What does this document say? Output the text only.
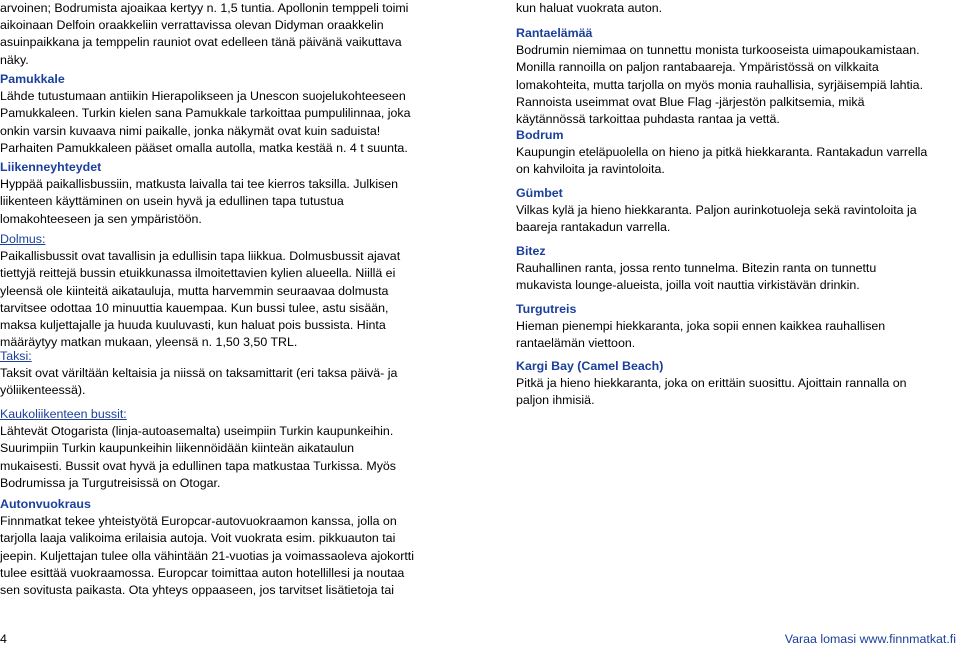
arvoinen; Bodrumista ajoaikaa kertyy n. 1,5 tuntia. Apollonin temppeli toimi
aikoinaan Delfoin oraakkeliin verrattavissa olevan Didyman oraakkelin
asuinpaikkana ja temppelin rauniot ovat edelleen tänä päivänä vaikuttava
näky.
Pamukkale
Lähde tutustumaan antiikin Hierapolikseen ja Unescon suojelukohteeseen
Pamukkaleen. Turkin kielen sana Pamukkale tarkoittaa pumpulilinnaa, joka
onkin varsin kuvaava nimi paikalle, jonka näkymät ovat kuin saduista!
Parhaiten Pamukkaleen pääset omalla autolla, matka kestää n. 4 t suunta.
Liikenneyhteydet
Hyppää paikallisbussiin, matkusta laivalla tai tee kierros taksilla. Julkisen
liikenteen käyttäminen on usein hyvä ja edullinen tapa tutustua
lomakohteeseen ja sen ympäristöön.
Dolmus:
Paikallisbussit ovat tavallisin ja edullisin tapa liikkua. Dolmusbussit ajavat
tiettyjä reittejä bussin etuikkunassa ilmoitettavien kylien alueella. Niillä ei
yleensä ole kiinteitä aikatauluja, mutta harvemmin seuraavaa dolmusta
tarvitsee odottaa 10 minuuttia kauempaa. Kun bussi tulee, astu sisään,
maksa kuljettajalle ja huuda kuuluvasti, kun haluat pois bussista. Hinta
määräytyy matkan mukaan, yleensä n. 1,50 3,50 TRL.
Taksi:
Taksit ovat väriltään keltaisia ja niissä on taksamittarit (eri taksa päivä- ja
yöliikenteessä).
Kaukoliikenteen bussit:
Lähtevät Otogarista (linja-autoasemalta) useimpiin Turkin kaupunkeihin.
Suurimpiin Turkin kaupunkeihin liikennöidään kiinteän aikataulun
mukaisesti. Bussit ovat hyvä ja edullinen tapa matkustaa Turkissa. Myös
Bodrumissa ja Turgutreisissä on Otogar.
Autonvuokraus
Finnmatkat tekee yhteistyötä Europcar-autovuokraamon kanssa, jolla on
tarjolla laaja valikoima erilaisia autoja. Voit vuokrata esim. pikkuauton tai
jeepin. Kuljettajan tulee olla vähintään 21-vuotias ja voimassaoleva ajokortti
tulee esittää vuokraamossa. Europcar toimittaa auton hotellillesi ja noutaa
sen sovitusta paikasta. Ota yhteys oppaaseen, jos tarvitset lisätietoja tai
kun haluat vuokrata auton.
Rantaelämää
Bodrumin niemimaa on tunnettu monista turkooseista uimapoukamistaan.
Monilla rannoilla on paljon rantabaareja. Ympäristössä on vilkkaita
lomakohteita, mutta tarjolla on myös monia rauhallisia, syrjäisempiä lahtia.
Rannoista useimmat ovat Blue Flag -järjestön palkitsemia, mikä
käytännössä tarkoittaa puhdasta rantaa ja vettä.
Bodrum
Kaupungin eteläpuolella on hieno ja pitkä hiekkaranta. Rantakadun varrella
on kahviloita ja ravintoloita.
Gümbet
Vilkas kylä ja hieno hiekkaranta. Paljon aurinkotuoleja sekä ravintoloita ja
baareja rantakadun varrella.
Bitez
Rauhallinen ranta, jossa rento tunnelma. Bitezin ranta on tunnettu
mukavista lounge-alueista, joilla voit nauttia virkistävän drinkin.
Turgutreis
Hieman pienempi hiekkaranta, joka sopii ennen kaikkea rauhallisen
rantaelämän viettoon.
Kargi Bay (Camel Beach)
Pitkä ja hieno hiekkaranta, joka on erittäin suosittu. Ajoittain rannalla on
paljon ihmisiä.
4	Varaa lomasi www.finnmatkat.fi
